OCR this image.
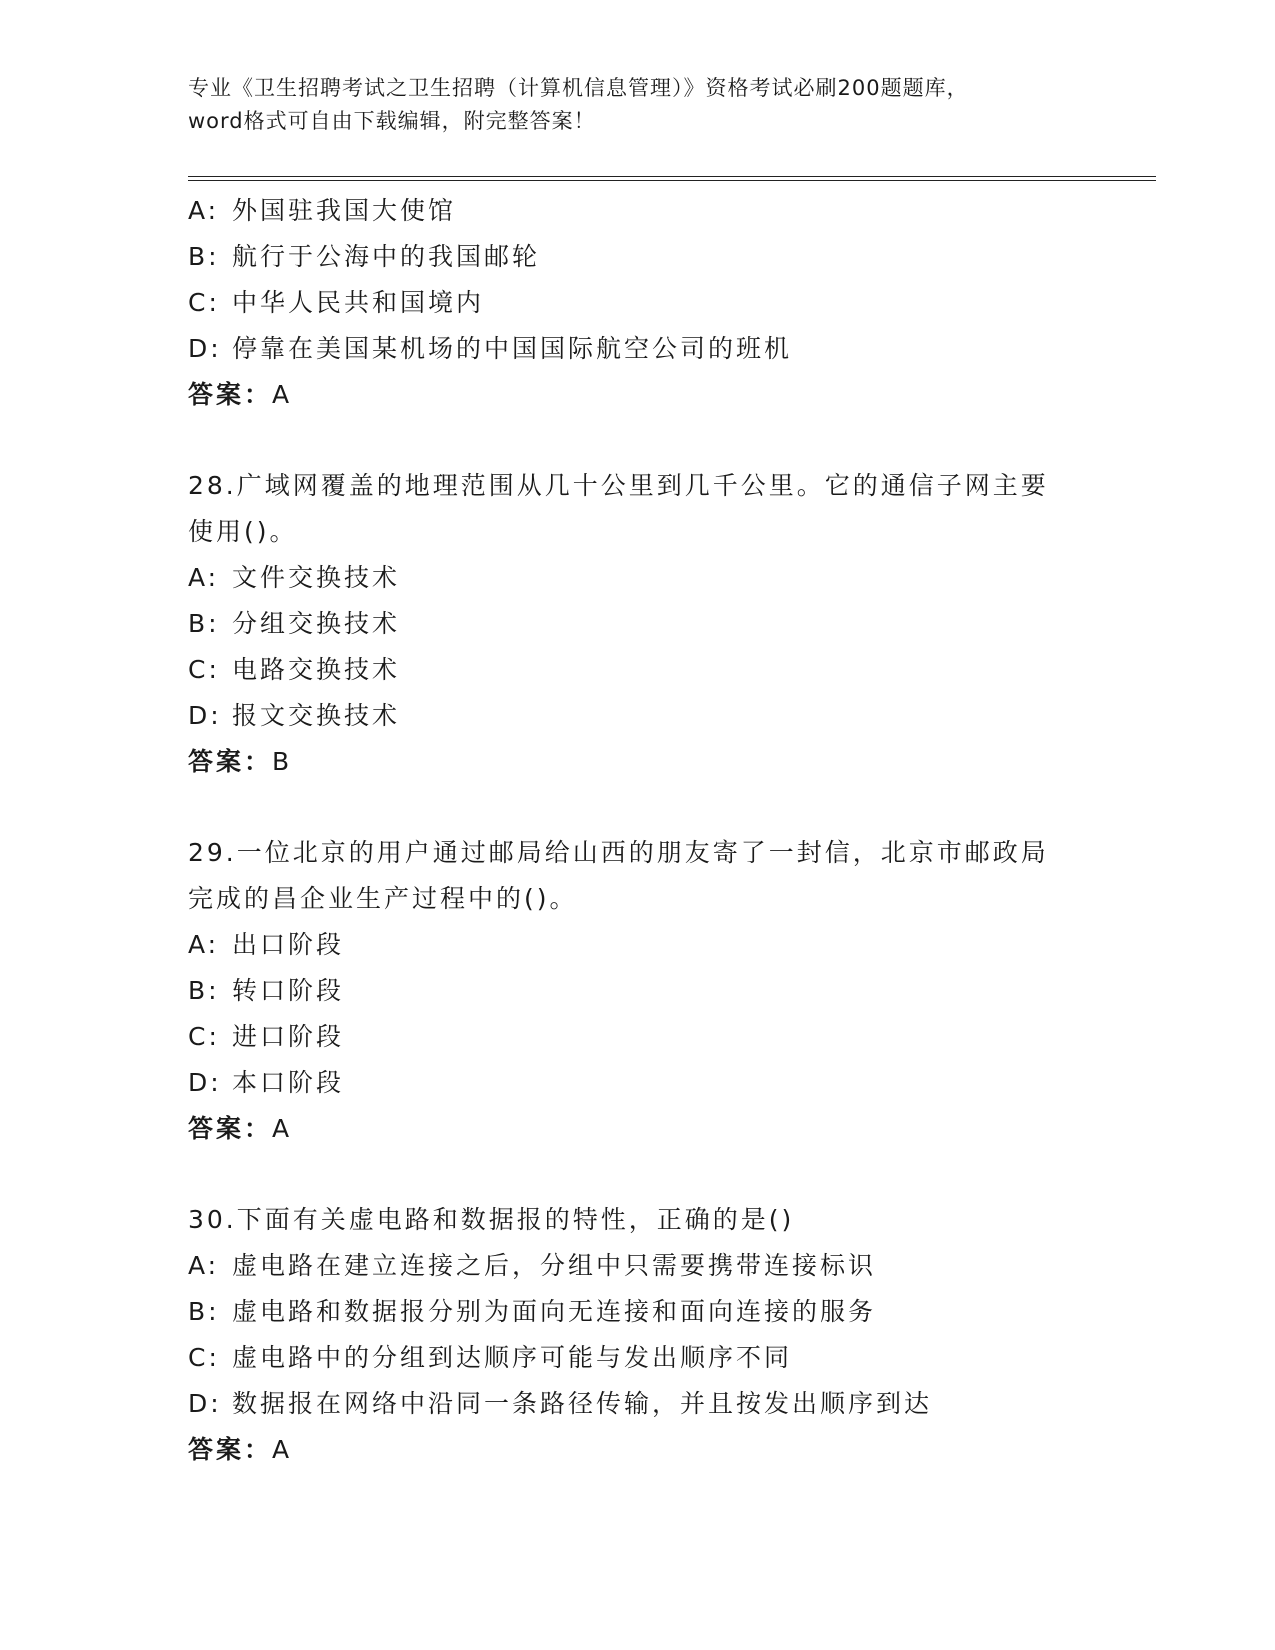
专业《卫生招聘考试之卫生招聘（计算机信息管理）》资格考试必刷200题题库，
word格式可自由下载编辑，附完整答案！
A: 外国驻我国大使馆
B: 航行于公海中的我国邮轮
C: 中华人民共和国境内
D: 停靠在美国某机场的中国国际航空公司的班机
答案：A
28.广域网覆盖的地理范围从几十公里到几千公里。它的通信子网主要
使用()。
A: 文件交换技术
B: 分组交换技术
C: 电路交换技术
D: 报文交换技术
答案：B
29.一位北京的用户通过邮局给山西的朋友寄了一封信，北京市邮政局
完成的昌企业生产过程中的()。
A: 出口阶段
B: 转口阶段
C: 进口阶段
D: 本口阶段
答案：A
30.下面有关虚电路和数据报的特性，正确的是()
A: 虚电路在建立连接之后，分组中只需要携带连接标识
B: 虚电路和数据报分别为面向无连接和面向连接的服务
C: 虚电路中的分组到达顺序可能与发出顺序不同
D: 数据报在网络中沿同一条路径传输，并且按发出顺序到达
答案：A
